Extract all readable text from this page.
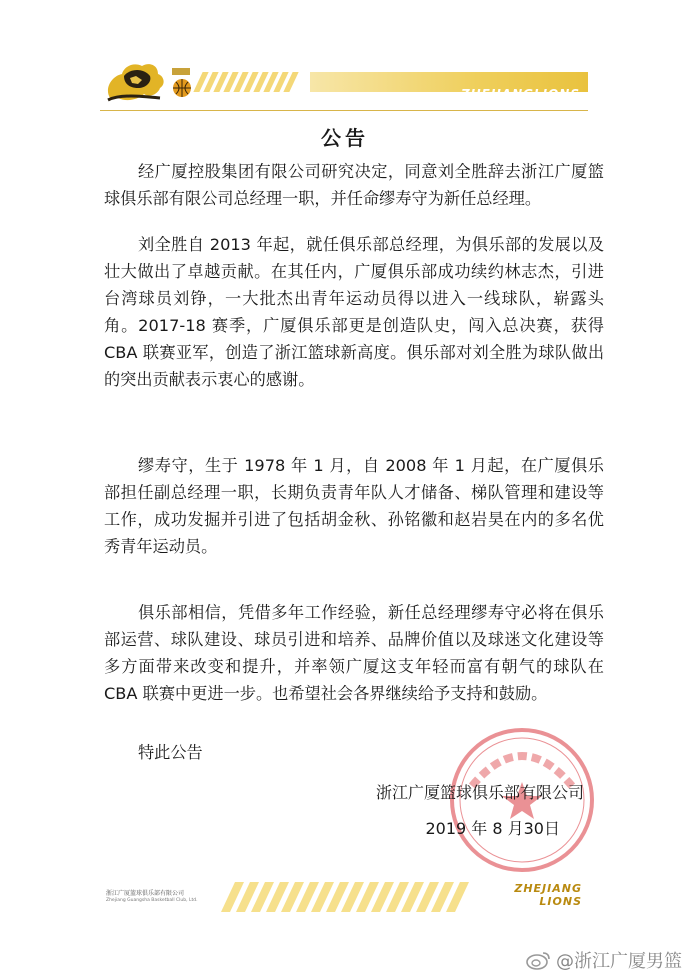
ZHEJIANGLIONS
公告

经广厦控股集团有限公司研究决定，同意刘全胜辞去浙江广厦篮球俱乐部有限公司总经理一职，并任命缪寿守为新任总经理。

刘全胜自 2013 年起，就任俱乐部总经理，为俱乐部的发展以及壮大做出了卓越贡献。在其任内，广厦俱乐部成功续约林志杰，引进台湾球员刘铮，一大批杰出青年运动员得以进入一线球队，崭露头角。2017-18 赛季，广厦俱乐部更是创造队史，闯入总决赛，获得 CBA 联赛亚军，创造了浙江篮球新高度。俱乐部对刘全胜为球队做出的突出贡献表示衷心的感谢。

缪寿守，生于 1978 年 1 月，自 2008 年 1 月起，在广厦俱乐部担任副总经理一职，长期负责青年队人才储备、梯队管理和建设等工作，成功发掘并引进了包括胡金秋、孙铭徽和赵岩昊在内的多名优秀青年运动员。

俱乐部相信，凭借多年工作经验，新任总经理缪寿守必将在俱乐部运营、球队建设、球员引进和培养、品牌价值以及球迷文化建设等多方面带来改变和提升，并率领广厦这支年轻而富有朝气的球队在 CBA 联赛中更进一步。也希望社会各界继续给予支持和鼓励。

特此公告

浙江广厦篮球俱乐部有限公司
2019 年 8 月30日
浙江广厦篮球俱乐部有限公司
Zhejiang Guangsha Basketball Club, Ltd.
ZHEJIANG
LIONS
@浙江广厦男篮
